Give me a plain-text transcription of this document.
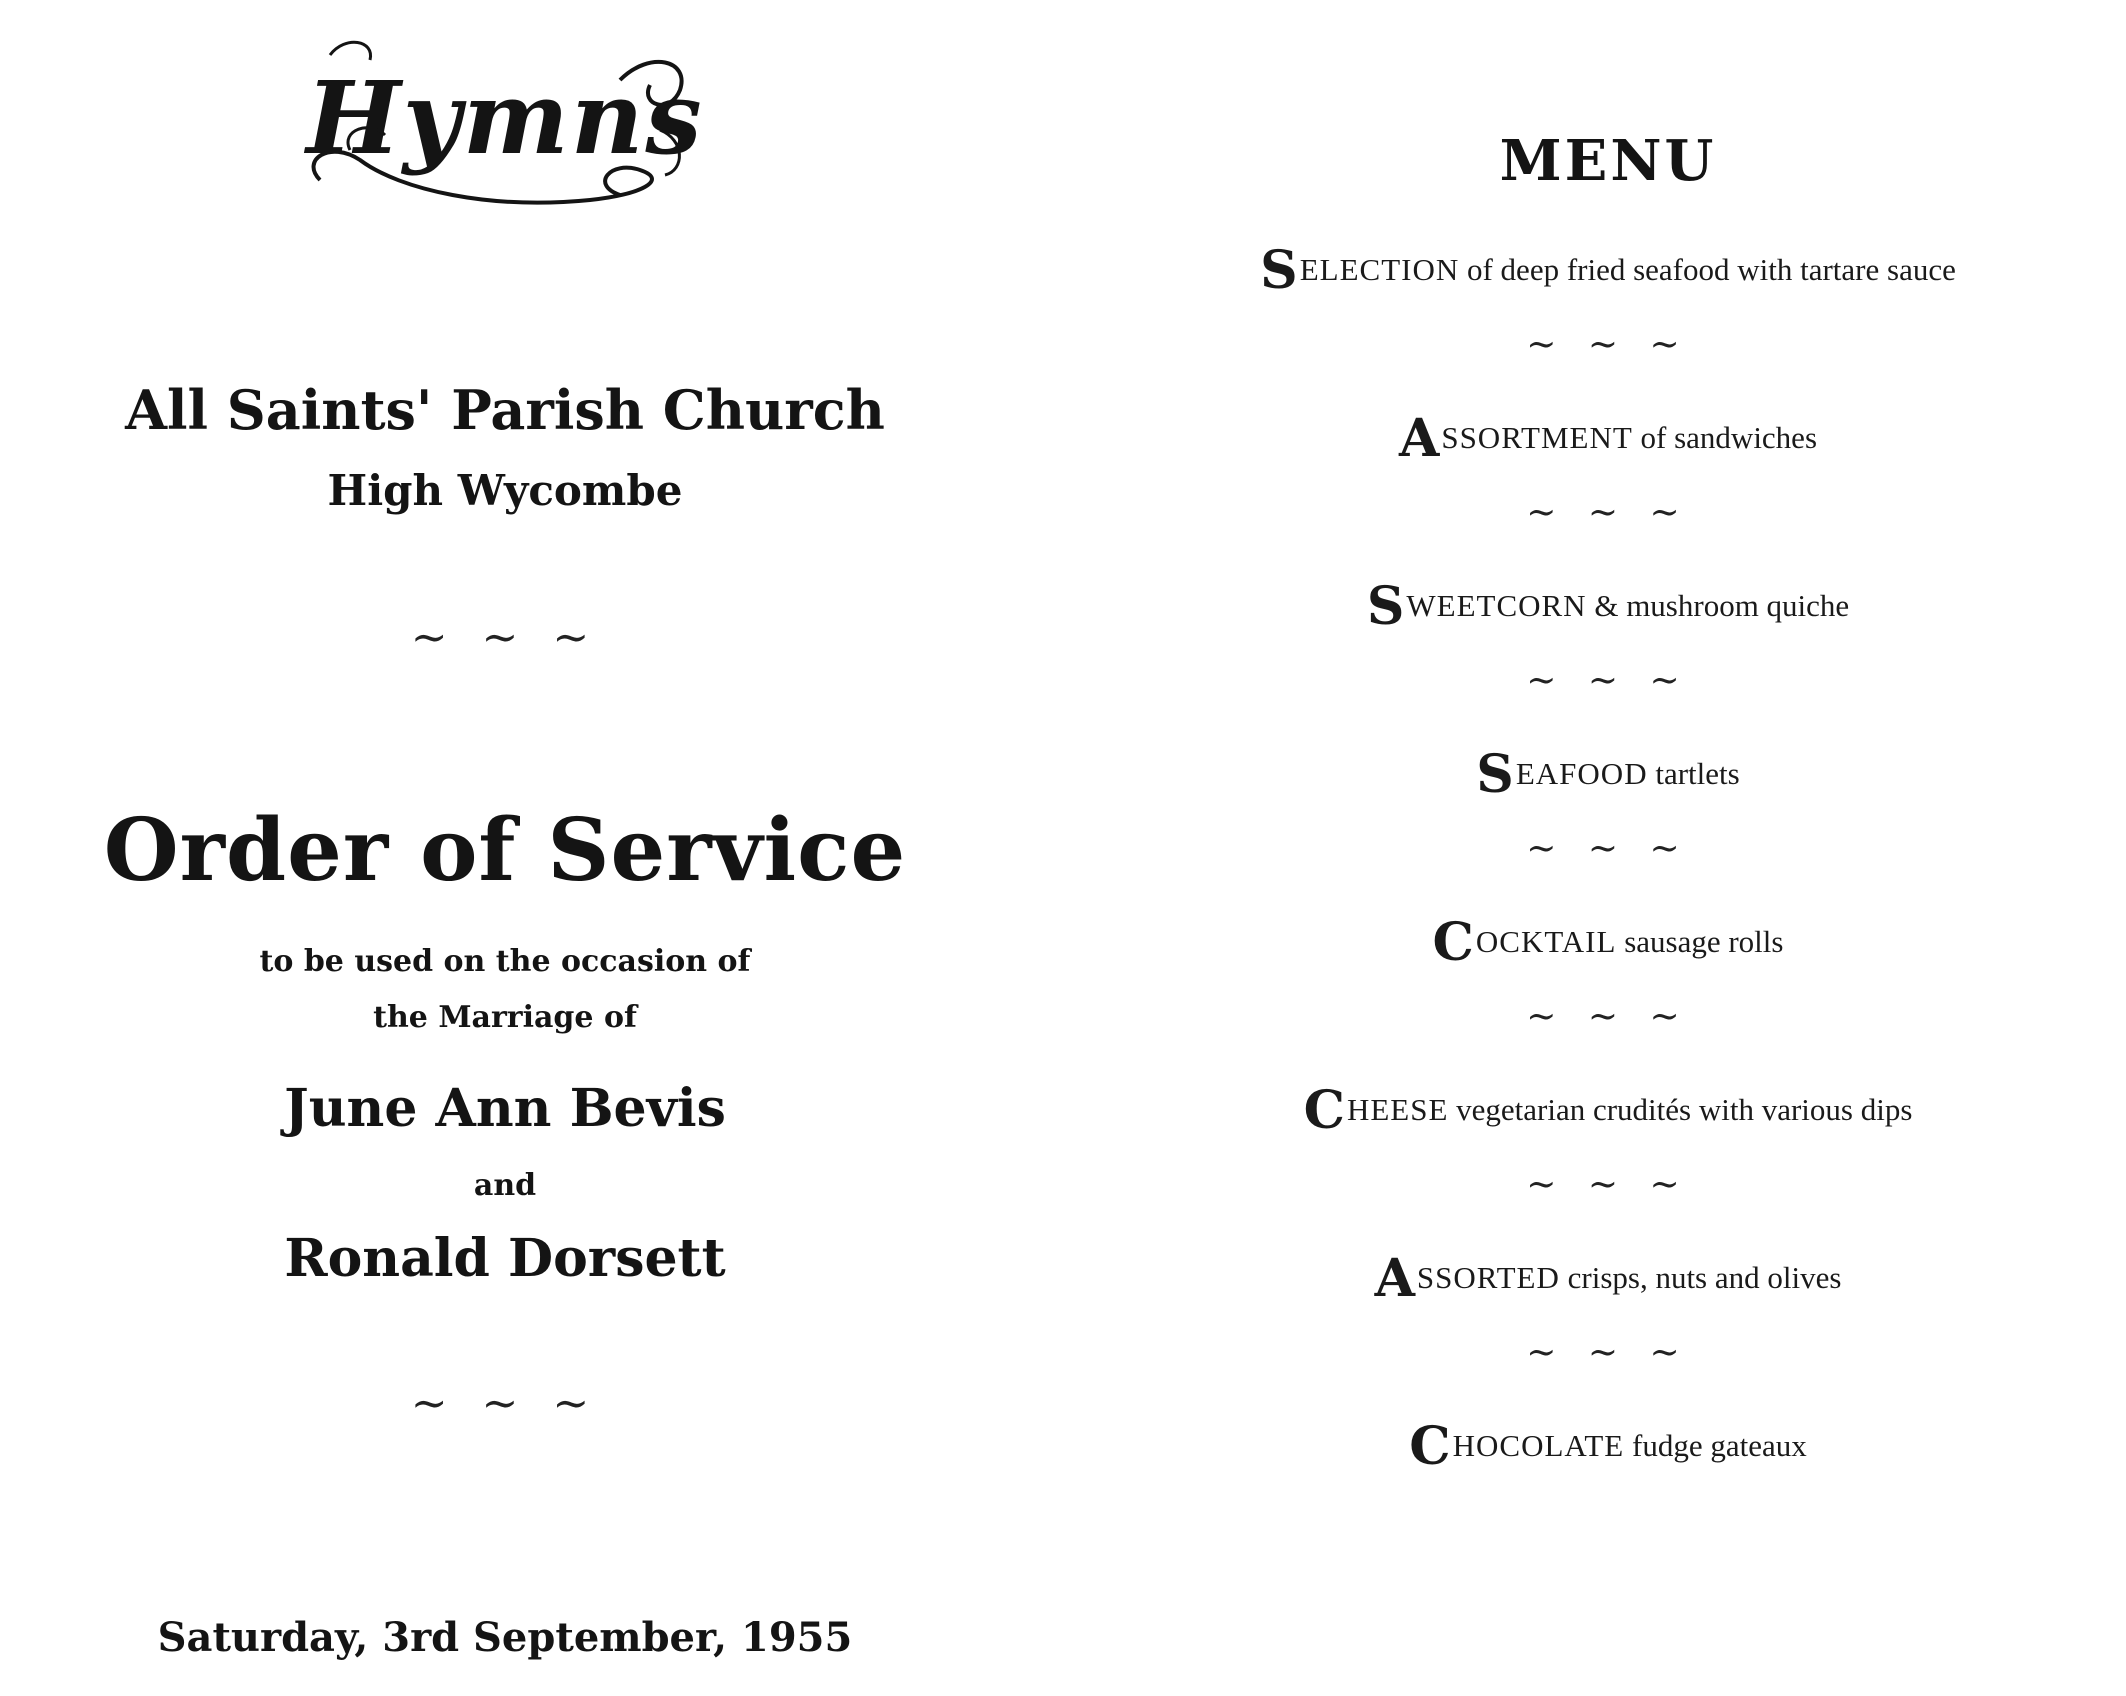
Hymns
All Saints' Parish Church
High Wycombe
~ ~ ~
Order of Service
to be used on the occasion of
the Marriage of
June Ann Bevis
and
Ronald Dorsett
~ ~ ~
Saturday, 3rd September, 1955
MENU
SELECTION of deep fried seafood with tartare sauce
~ ~ ~
ASSORTMENT of sandwiches
~ ~ ~
SWEETCORN & mushroom quiche
~ ~ ~
SEAFOOD tartlets
~ ~ ~
COCKTAIL sausage rolls
~ ~ ~
CHEESE vegetarian crudités with various dips
~ ~ ~
ASSORTED crisps, nuts and olives
~ ~ ~
CHOCOLATE fudge gateaux
